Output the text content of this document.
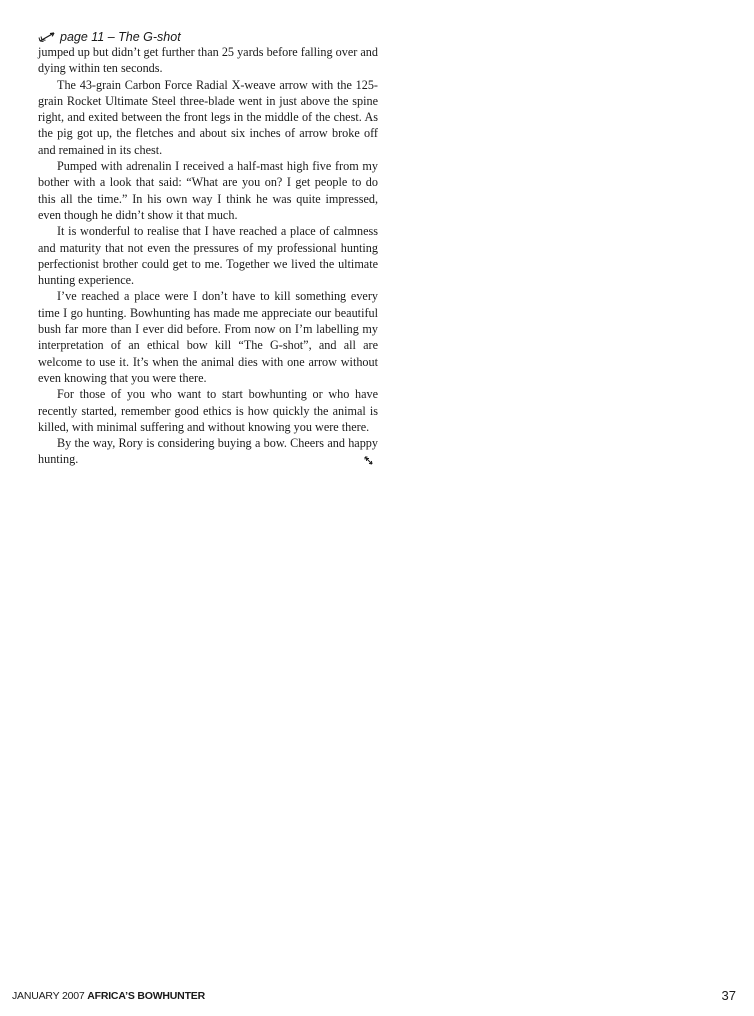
page 11 – The G-shot

jumped up but didn’t get further than 25 yards before falling over and dying within ten seconds.

The 43-grain Carbon Force Radial X-weave arrow with the 125-grain Rocket Ultimate Steel three-blade went in just above the spine right, and exited between the front legs in the middle of the chest. As the pig got up, the fletches and about six inches of arrow broke off and remained in its chest.

Pumped with adrenalin I received a half-mast high five from my bother with a look that said: “What are you on? I get people to do this all the time.” In his own way I think he was quite impressed, even though he didn’t show it that much.

It is wonderful to realise that I have reached a place of calmness and maturity that not even the pressures of my professional hunting perfectionist brother could get to me. Together we lived the ultimate hunting experience.

I’ve reached a place were I don’t have to kill something every time I go hunting. Bowhunting has made me appreciate our beautiful bush far more than I ever did before. From now on I’m labelling my interpretation of an ethical bow kill “The G-shot”, and all are welcome to use it. It’s when the animal dies with one arrow without even knowing that you were there.

For those of you who want to start bowhunting or who have recently started, remember good ethics is how quickly the animal is killed, with minimal suffering and without knowing you were there.

By the way, Rory is considering buying a bow. Cheers and happy hunting.

JANUARY 2007 AFRICA’S BOWHUNTER	37
